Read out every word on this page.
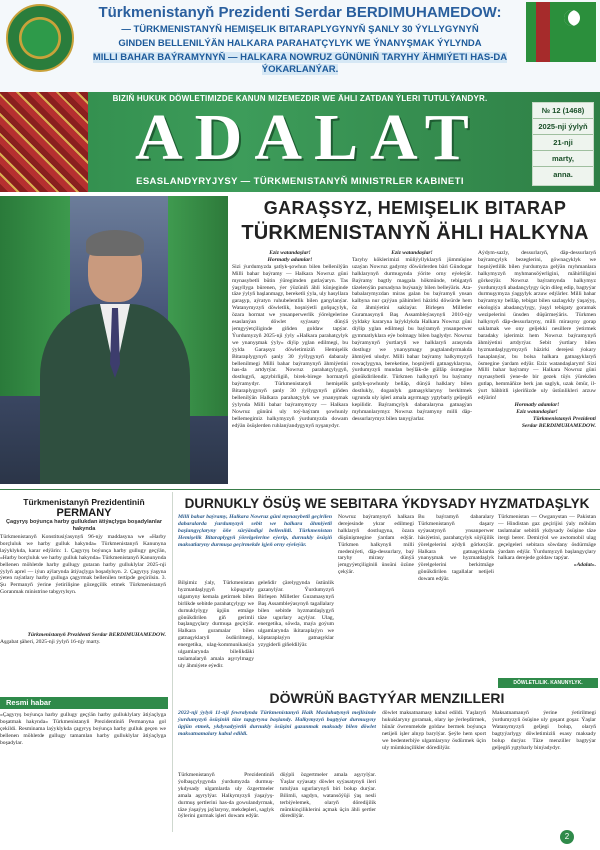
Türkmenistanyň Prezidenti Serdar BERDIMUHAMEDOW:
— TÜRKMENISTANYŇ HEMIŞELIK BITARAPLYGYNYŇ ŞANLY 30 ÝYLLYGYNYŇ
GINDEN BELLENILÝÄN HALKARA PARAHATÇYLYK WE ÝNANYŞMAK ÝYLYNDA
MILLI BAHAR BAÝRAMYNYŇ — HALKARA NOWRUZ GÜNÜNIŇ TARYHY ÄHMIÝETI HAS-DA ÝOKARLANÝAR.
BIZIŇ HUKUK DÖWLETIMIZDE KANUN MIZEMEZDIR WE ÄHLI ZATDAN ÝLERI TUTULÝANDYR.
ADALAT	№ 12 (1468)
2025-nji ýylyň
21-nji
marty,
anna.
ESASLANDYRYJYSY — TÜRKMENISTANYŇ MINISTRLER KABINETI
GARAŞSYZ, HEMIŞELIK BITARAP
TÜRKMENISTANYŇ ÄHLI HALKYNA
Eziz watandaşlar!
Hormatly adamlar!
Sizi ýurdumyzda şatlyk-şowhun bilen bellenilýän Milli bahar baýramy — Halkara Nowruz güni mynasybetli bütin ýüregimden gutlaýaryn. Tas ýaşyllyga bürenen, ýer ýüzüniň ähli künjeginde täze ýylyň başlanmagy, bereketli ýyla, uly hasyllara garaşyp, aýratyn ruhubelentlik bilen garşylanýar. Watanymyzyň döwletlik, hoşniýetli goňşuçylyk, özara hormat we ynsanperwerlik ýörelgelerine esaslanýan döwlet syýasaty dünýä jemgyýetçiliginde giňden goldaw tapýar. Ýurdumyzyň 2025-nji ýyly «Halkara parahatçylyk we ynanyşmak ýyly» diýip yglan edilmegi, bu ýylda Garaşsyz döwletimiziň Hemişelik Bitaraplygynyň şanly 30 ýyllygynyň dabaraly bellenilmegi Milli bahar baýramynyň ähmiýetini has-da artdyrýar. Nowruz parahatçylygyň, dostlugyň, agzybirligiň, birek-birege hormatyň baýramydyr. Türkmenistanyň hemişelik Bitaraplygynyň şanly 30 ýyllygynyň giňden bellenilýän Halkara parahatçylyk we ynanyşmak ýylynda Milli bahar baýramymyzy — Halkara Nowruz gününi uly toý-baýram şowhunly bellemegimiz halkymyzyň ýurdumyzda dowam edýän ösüşlerden ruhlanýandygynyň nyşanydyr.
Eziz watandaşlar!
Taryhy köklerimizi müňýyllyklaryň jümmüşine uzaýan Nowruz gadymy döwürlerden bäri Gündogar halklarynyň durmuşynda ýörite orny eýeleýär. Baýramy bagtly maşgala hökmünde, tebigatyň täzelenýän pursadyna buýsanjy bilen belleýäris. Ata-babalarymyzdan miras galan bu baýramyň ynsan kalbyna nur çaýýan pähimleri häzirki döwürde hem öz ähmiýetini saklaýar. Birleşen Milletler Guramasynyň Baş Assambleýasynyň 2010-njy ýyldaky kararyna laýyklykda Halkara Nowruz güni diýlip yglan edilmegi bu baýramyň ynsanperwer gymmatlyklara eýe bolmagy bilen baglydyr. Nowruz baýramynyň ýurtlaryň we halklaryň arasynda dostlugy we ynanyşmagy pugtalandyrmakda ähmiýeti uludyr. Milli bahar baýramy halkymyzyň rowaçlygyna, bereketine, hoşniýetli gatnaşyklaryna, ýurdumyzyň mundan beýläk-de gülläp ösmegine gönükdirilendir. Türkmen halkynyň bu baýramy şatlyk-şowhunly belläp, dünýä halklary bilen dostlukly, doganlyk gatnaşyklaryny berkitmek ugrunda uly işleri amala aşyrmagy ygtybarly geljegiň kepilidir. Baýramçylyk dabaralaryna gatnaşýan myhmanlarymyz Nowruz baýramyny milli däp-dessurlarymyz bilen tanyşýarlar.
Aýdym-sazly, dessurlaryň, däp-dessurlaryň baýramçylyk bezeglerini, göwnaçyklyk we hoşniýetlilik bilen ýurdumyza gelýän myhmanlara halkymyzyň myhmansöýerligini, mähirliligini görkezýär. Nowruz baýramynda halkymyz ýurdumyzyň abadançylygy üçin dileg edip, bagtyýar durmuşymyza ýagşylyk arzuw edýärler. Milli bahar baýramyny belläp, tebigat bilen sazlaşykly ýaşaýyş, ekologiýa abadançylygy, ýaşyl tebigaty goramak wezipelerini ünsden düşürmeýäris. Türkmen halkynyň däp-dessurlaryny, milli mirasyny gorap saklamak we ony geljekki nesillere ýetirmek baradaky işlerimiz hem Nowruz baýramynyň ähmiýetini artdyrýar. Sebit ýurtlary bilen hyzmatdaşlygymyzyň häzirki derejesi ýokary hasaplanýar, bu bolsa halkara gatnaşyklaryň ösmegine ýardam edýär. Eziz watandaşlarym! Sizi Milli bahar baýramy — Halkara Nowruz güni mynasybetli ýene-de bir gezek tüýs ýürekden gutlap, hemmäňize berk jan saglyk, uzak ömür, il-ýurt bähbitli işleriňizde uly üstünlikleri arzuw edýärin!
Hormatly adamlar!
Eziz watandaşlar!
Türkmenistanyň Prezidenti
Serdar BERDIMUHAMEDOW.
Türkmenistanyň Prezidentiniň
PERMANY
Çagyryş boýunça harby gullukdan ätiýaçlyga boşadylanlar hakynda
Türkmenistanyň Konstitusiýasynyň 96-njy maddasyna we «Harby borçluluk we harby gulluk hakynda» Türkmenistanyň Kanunyna laýyklykda, karar edýärin: 1. Çagyryş boýunça harby gullugy geçýän, «Harby borçluluk we harby gulluk hakynda» Türkmenistanyň Kanunynda bellenen möhletde harby gullugy gutaran harby gulluklylar 2025-nji ýylyň aprel — iýun aýlarynda ätiýaçlyga boşadylsyn. 2. Çagyryş ýaşyna ýeten raýatlary harby gulluga çagyrmak bellenilen tertipde geçirilsin. 3. Şu Permanyň ýerine ýetirilişine gözegçilik etmek Türkmenistanyň Goranmak ministrine tabşyrylsyn.
Türkmenistanyň Prezidenti Serdar BERDIMUHAMEDOW.
Aşgabat şäheri, 2025-nji ýylyň 16-njy marty.
Resmi habar
«Çagyryş boýunça harby gullugy geçýän harby gulluklylary ätiýaçlyga boşatmak hakynda» Türkmenistanyň Prezidentiniň Permanyna gol çekildi. Resminama laýyklykda çagyryş boýunça harby gulluk geçen we bellenen möhletde gullugy tamamlan harby gulluklylar ätiýaçlyga boşadylar.
DURNUKLY ÖSÜŞ WE SEBITARA ÝKDYSADY HYZMATDAŞLYK
Milli bahar baýramy, Halkara Nowruz güni mynasybetli geçirilen dabaralarda ýurdumyzyň sebit we halkara ähmiýetli başlangyçlaryny öňe sürýändigi bellenildi. Türkmenistan Hemişelik Bitaraplygyň ýörelgelerine eýerip, durnukly ösüşiň maksatlaryny durmuşa geçirmekde işjeň orny eýeleýär.
Bilşimiz ýaly, Türkmenistan hyzmatdaşlygyň köpugurly ulgamyny kemala getirmek bilen birlikde sebitde parahatçylygy we durnuklylygy üpjün etmäge gönükdirilen giň gerimli başlangyçlary durmuşa geçirýär. Halkara guramalar bilen gatnaşyklaryň ösdürilmegi, energetika, ulag-kommunikasiýa ulgamlarynda bilelikdäki taslamalaryň amala aşyrylmagy uly ähmiýete eýedir.
geleňdir çärelygynda üstünlik gazanylýar. Ýurdumyzyň Birleşen Milletler Guramasynyň Baş Assambleýasynyň tagallalary bilen sebitde hyzmatdaşlygyň täze ugurlary açylýar. Ulag, energetika, söwda, maýa goýum ulgamlarynda ikitaraplaýyn we köptaraplaýyn gatnaşyklar yzygiderli giňeldilýär.
Nowruz baýramynyň halkara derejesinde ykrar edilmegi halklaryň dostlugyna, özara düşünişmegine ýardam edýär. Türkmen halkynyň milli medeniýeti, däp-dessurlary, baý taryhy mirasy dünýä jemgyýetçiliginiň ünsüni özüne çekýär.
Bu baýramyň dabaralary Türkmenistanyň daşary syýasatynyň ynsanperwer häsiýetini, parahatçylyk söýüjilik ýörelgelerini aýdyň görkezýär. Halkara gatnaşyklarda ynanyşmak we hyzmatdaşlyk ýörelgelerini berkitmäge gönükdirilen tagallalar netijeli dowam edýär.
Türkmenistan — Owganystan — Pakistan — Hindistan gaz geçirijisi ýaly möhüm taslamalar sebitiň ykdysady ösüşine täze itergi berer. Demirýol we awtomobil ulag geçelgeleri sebitara söwdany ösdürmäge ýardam edýär. Ýurdumyzyň başlangyçlary halkara derejede goldaw tapýar.
«Adalat».
DÖWLETLILIK. KANUNYLYK. DEMOKRATIÝA
DÖWRÜŇ BAGTYÝAR MENZILLERI
2022-nji ýylyň 11-nji fewralynda Türkmenistanyň Halk Maslahatynyň mejlisinde ýurdumyzyň ösüşiniň täze tapgyryna başlandy. Halkymyzyň bagtyýar durmuşyny üpjün etmek, ykdysadyýetiň durnukly ösüşini gazanmak maksady bilen döwlet maksatnamalary kabul edildi.
Türkmenistanyň Prezidentiniň ýolbaşçylygynda ýurdumyzda durmuş-ykdysady ulgamlarda uly özgertmeler amala aşyrylýar. Halkymyzyň ýaşaýyş-durmuş şertlerini has-da gowulandyrmak, täze ýaşaýyş jaýlaryny, mekdepleri, saglyk öýlerini gurmak işleri dowam edýär.
düýpli özgertmeler amala aşyrylýar. Ýaşlar syýasaty döwlet syýasatynyň ileri tutulýan ugurlarynyň biri bolup durýar. Bilimli, sagdyn, watansöýüji ýaş nesli terbiýelemek, olaryň döredijilik mümkinçiliklerini açmak üçin ähli şertler döredilýär.
döwlet maksatnamasy kabul edildi. Ýaşlaryň hukuklaryny goramak, olary işe ýerleşdirmek, hünär öwrenmekde goldaw bermek boýunça netijeli işler alnyp barylýar. Şeýle hem sport we bedenterbiýe ulgamlaryny ösdürmek üçin uly mümkinçilikler döredilýär.
Maksatnamanyň ýerine ýetirilmegi ýurdumyzyň ösüşine uly goşant goşar. Ýaşlar Watanymyzyň geljegi bolup, olaryň bagtyýarlygy döwletimiziň esasy maksady bolup durýar. Täze menziller bagtyýar geljegiň ygtybarly binýadydyr.
2
